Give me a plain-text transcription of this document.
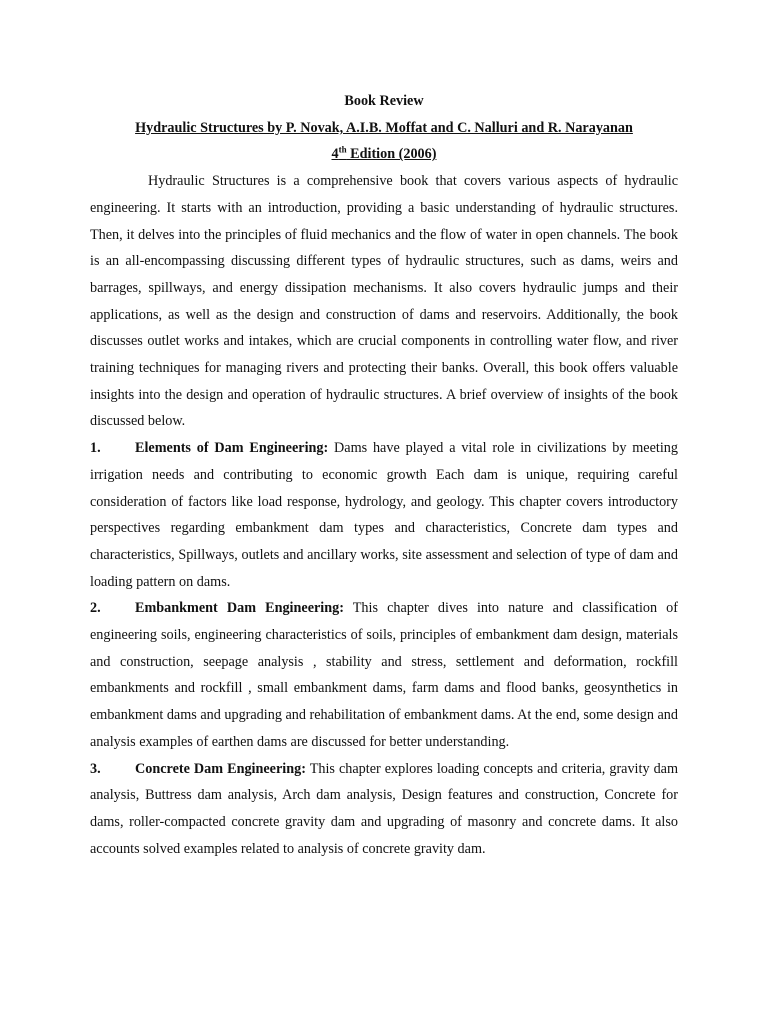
Book Review

Hydraulic Structures by P. Novak, A.I.B. Moffat and C. Nalluri and R. Narayanan

4th Edition (2006)

Hydraulic Structures is a comprehensive book that covers various aspects of hydraulic engineering. It starts with an introduction, providing a basic understanding of hydraulic structures. Then, it delves into the principles of fluid mechanics and the flow of water in open channels. The book is an all-encompassing discussing different types of hydraulic structures, such as dams, weirs and barrages, spillways, and energy dissipation mechanisms. It also covers hydraulic jumps and their applications, as well as the design and construction of dams and reservoirs. Additionally, the book discusses outlet works and intakes, which are crucial components in controlling water flow, and river training techniques for managing rivers and protecting their banks. Overall, this book offers valuable insights into the design and operation of hydraulic structures. A brief overview of insights of the book discussed below.

1. Elements of Dam Engineering: Dams have played a vital role in civilizations by meeting irrigation needs and contributing to economic growth Each dam is unique, requiring careful consideration of factors like load response, hydrology, and geology. This chapter covers introductory perspectives regarding embankment dam types and characteristics, Concrete dam types and characteristics, Spillways, outlets and ancillary works, site assessment and selection of type of dam and loading pattern on dams.

2. Embankment Dam Engineering: This chapter dives into nature and classification of engineering soils, engineering characteristics of soils, principles of embankment dam design, materials and construction, seepage analysis , stability and stress, settlement and deformation, rockfill embankments and rockfill , small embankment dams, farm dams and flood banks, geosynthetics in embankment dams and upgrading and rehabilitation of embankment dams. At the end, some design and analysis examples of earthen dams are discussed for better understanding.

3. Concrete Dam Engineering: This chapter explores loading concepts and criteria, gravity dam analysis, Buttress dam analysis, Arch dam analysis, Design features and construction, Concrete for dams, roller-compacted concrete gravity dam and upgrading of masonry and concrete dams. It also accounts solved examples related to analysis of concrete gravity dam.
